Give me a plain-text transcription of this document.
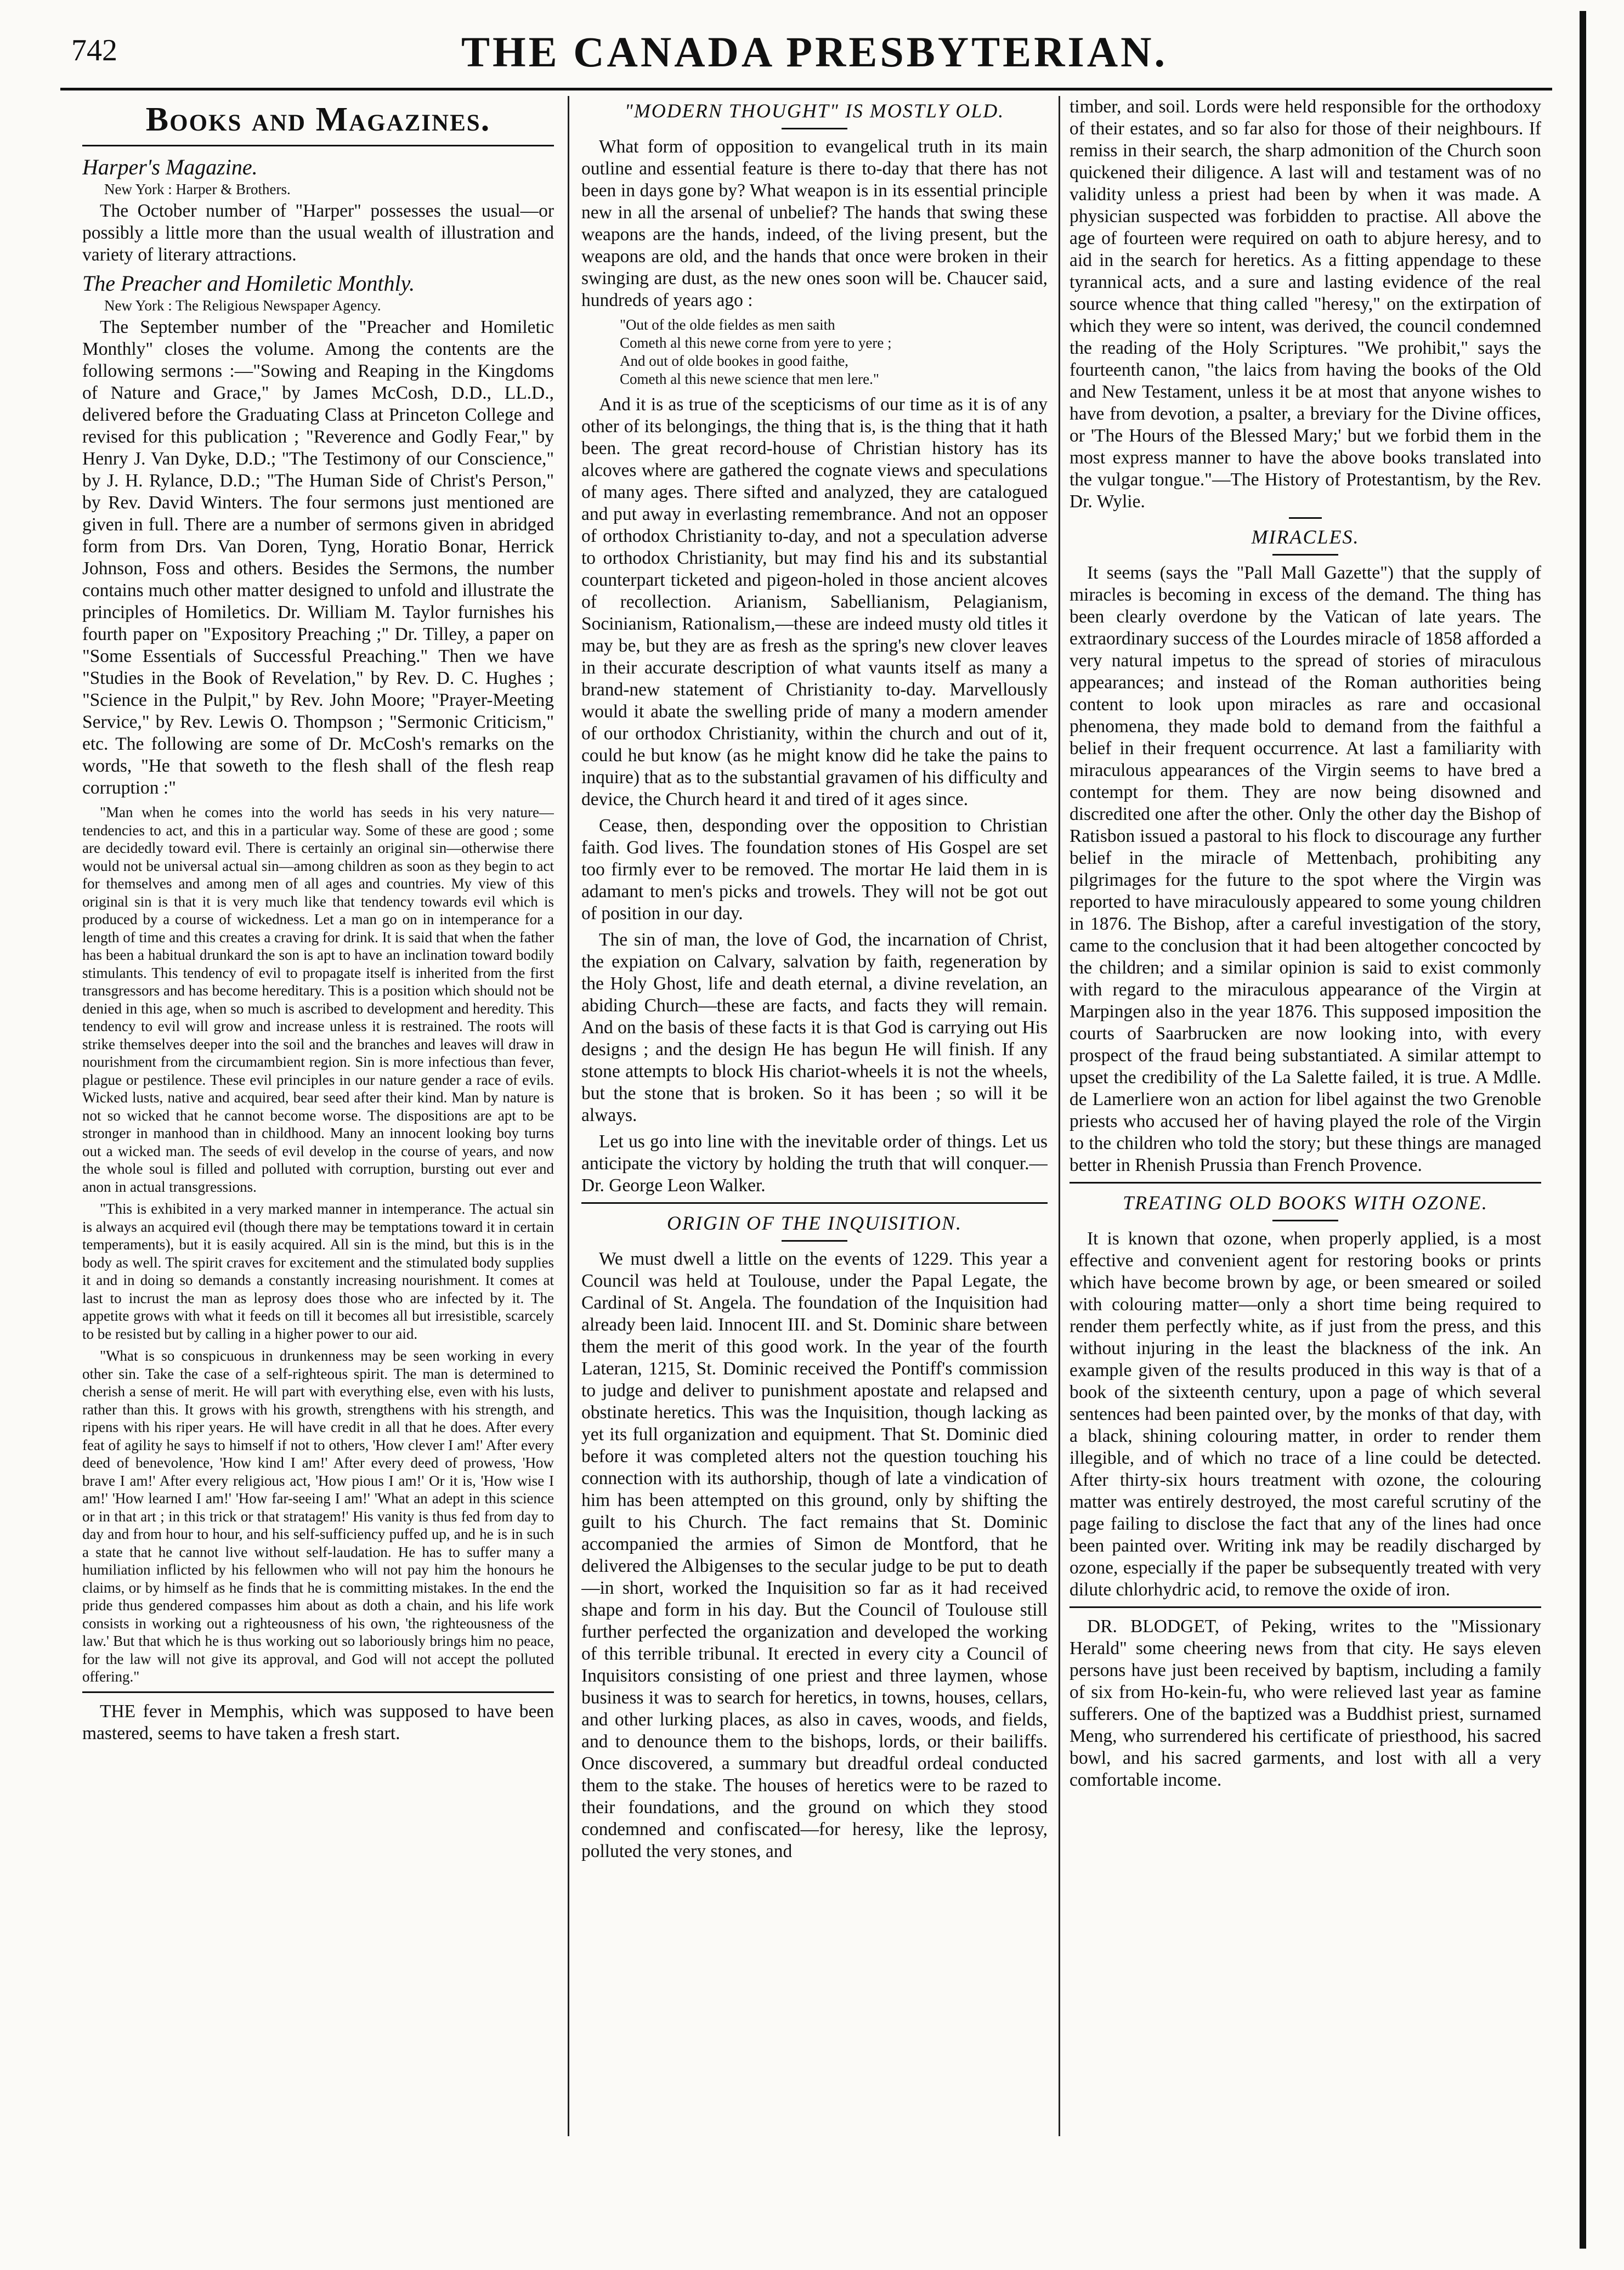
742	THE CANADA PRESBYTERIAN.
Books and Magazines.
Harper's Magazine.
New York : Harper & Brothers.

The October number of "Harper" possesses the usual—or possibly a little more than the usual wealth of illustration and variety of literary attractions.

The Preacher and Homiletic Monthly.
New York : The Religious Newspaper Agency.

The September number of the "Preacher and Homiletic Monthly" closes the volume. Among the contents are the following sermons :—"Sowing and Reaping in the Kingdoms of Nature and Grace," by James McCosh, D.D., LL.D., delivered before the Graduating Class at Princeton College and revised for this publication ; "Reverence and Godly Fear," by Henry J. Van Dyke, D.D.; "The Testimony of our Conscience," by J. H. Rylance, D.D.; "The Human Side of Christ's Person," by Rev. David Winters. The four sermons just mentioned are given in full. There are a number of sermons given in abridged form from Drs. Van Doren, Tyng, Horatio Bonar, Herrick Johnson, Foss and others. Besides the Sermons, the number contains much other matter designed to unfold and illustrate the principles of Homiletics. Dr. William M. Taylor furnishes his fourth paper on "Expository Preaching ;" Dr. Tilley, a paper on "Some Essentials of Successful Preaching." Then we have "Studies in the Book of Revelation," by Rev. D. C. Hughes ; "Science in the Pulpit," by Rev. John Moore; "Prayer-Meeting Service," by Rev. Lewis O. Thompson ; "Sermonic Criticism," etc. The following are some of Dr. McCosh's remarks on the words, "He that soweth to the flesh shall of the flesh reap corruption :"

"Man when he comes into the world has seeds in his very nature—tendencies to act, and this in a particular way. Some of these are good ; some are decidedly toward evil. There is certainly an original sin—otherwise there would not be universal actual sin—among children as soon as they begin to act for themselves and among men of all ages and countries. My view of this original sin is that it is very much like that tendency towards evil which is produced by a course of wickedness. Let a man go on in intemperance for a length of time and this creates a craving for drink. It is said that when the father has been a habitual drunkard the son is apt to have an inclination toward bodily stimulants. This tendency of evil to propagate itself is inherited from the first transgressors and has become hereditary. This is a position which should not be denied in this age, when so much is ascribed to development and heredity. This tendency to evil will grow and increase unless it is restrained. The roots will strike themselves deeper into the soil and the branches and leaves will draw in nourishment from the circumambient region. Sin is more infectious than fever, plague or pestilence. These evil principles in our nature gender a race of evils. Wicked lusts, native and acquired, bear seed after their kind. Man by nature is not so wicked that he cannot become worse. The dispositions are apt to be stronger in manhood than in childhood. Many an innocent looking boy turns out a wicked man. The seeds of evil develop in the course of years, and now the whole soul is filled and polluted with corruption, bursting out ever and anon in actual transgressions.

"This is exhibited in a very marked manner in intemperance. The actual sin is always an acquired evil (though there may be temptations toward it in certain temperaments), but it is easily acquired. All sin is the mind, but this is in the body as well. The spirit craves for excitement and the stimulated body supplies it and in doing so demands a constantly increasing nourishment. It comes at last to incrust the man as leprosy does those who are infected by it. The appetite grows with what it feeds on till it becomes all but irresistible, scarcely to be resisted but by calling in a higher power to our aid.

"What is so conspicuous in drunkenness may be seen working in every other sin. Take the case of a self-righteous spirit. The man is determined to cherish a sense of merit. He will part with everything else, even with his lusts, rather than this. It grows with his growth, strengthens with his strength, and ripens with his riper years. He will have credit in all that he does. After every feat of agility he says to himself if not to others, 'How clever I am!' After every deed of benevolence, 'How kind I am!' After every deed of prowess, 'How brave I am!' After every religious act, 'How pious I am!' Or it is, 'How wise I am!' 'How learned I am!' 'How far-seeing I am!' 'What an adept in this science or in that art ; in this trick or that stratagem!' His vanity is thus fed from day to day and from hour to hour, and his self-sufficiency puffed up, and he is in such a state that he cannot live without self-laudation. He has to suffer many a humiliation inflicted by his fellowmen who will not pay him the honours he claims, or by himself as he finds that he is committing mistakes. In the end the pride thus gendered compasses him about as doth a chain, and his life work consists in working out a righteousness of his own, 'the righteousness of the law.' But that which he is thus working out so laboriously brings him no peace, for the law will not give its approval, and God will not accept the polluted offering."

THE fever in Memphis, which was supposed to have been mastered, seems to have taken a fresh start.

"MODERN THOUGHT" IS MOSTLY OLD.

What form of opposition to evangelical truth in its main outline and essential feature is there to-day that there has not been in days gone by? What weapon is in its essential principle new in all the arsenal of unbelief? The hands that swing these weapons are the hands, indeed, of the living present, but the weapons are old, and the hands that once were broken in their swinging are dust, as the new ones soon will be. Chaucer said, hundreds of years ago :

"Out of the olde fieldes as men saith
Cometh al this newe corne from yere to yere ;
And out of olde bookes in good faithe,
Cometh al this newe science that men lere."

And it is as true of the scepticisms of our time as it is of any other of its belongings, the thing that is, is the thing that it hath been. The great record-house of Christian history has its alcoves where are gathered the cognate views and speculations of many ages. There sifted and analyzed, they are catalogued and put away in everlasting remembrance. And not an opposer of orthodox Christianity to-day, and not a speculation adverse to orthodox Christianity, but may find his and its substantial counterpart ticketed and pigeon-holed in those ancient alcoves of recollection. Arianism, Sabellianism, Pelagianism, Socinianism, Rationalism,—these are indeed musty old titles it may be, but they are as fresh as the spring's new clover leaves in their accurate description of what vaunts itself as many a brand-new statement of Christianity to-day. Marvellously would it abate the swelling pride of many a modern amender of our orthodox Christianity, within the church and out of it, could he but know (as he might know did he take the pains to inquire) that as to the substantial gravamen of his difficulty and device, the Church heard it and tired of it ages since.

Cease, then, desponding over the opposition to Christian faith. God lives. The foundation stones of His Gospel are set too firmly ever to be removed. The mortar He laid them in is adamant to men's picks and trowels. They will not be got out of position in our day.

The sin of man, the love of God, the incarnation of Christ, the expiation on Calvary, salvation by faith, regeneration by the Holy Ghost, life and death eternal, a divine revelation, an abiding Church—these are facts, and facts they will remain. And on the basis of these facts it is that God is carrying out His designs ; and the design He has begun He will finish. If any stone attempts to block His chariot-wheels it is not the wheels, but the stone that is broken. So it has been ; so will it be always.

Let us go into line with the inevitable order of things. Let us anticipate the victory by holding the truth that will conquer.—Dr. George Leon Walker.

ORIGIN OF THE INQUISITION.

We must dwell a little on the events of 1229. This year a Council was held at Toulouse, under the Papal Legate, the Cardinal of St. Angela. The foundation of the Inquisition had already been laid. Innocent III. and St. Dominic share between them the merit of this good work. In the year of the fourth Lateran, 1215, St. Dominic received the Pontiff's commission to judge and deliver to punishment apostate and relapsed and obstinate heretics. This was the Inquisition, though lacking as yet its full organization and equipment. That St. Dominic died before it was completed alters not the question touching his connection with its authorship, though of late a vindication of him has been attempted on this ground, only by shifting the guilt to his Church. The fact remains that St. Dominic accompanied the armies of Simon de Montford, that he delivered the Albigenses to the secular judge to be put to death—in short, worked the Inquisition so far as it had received shape and form in his day. But the Council of Toulouse still further perfected the organization and developed the working of this terrible tribunal. It erected in every city a Council of Inquisitors consisting of one priest and three laymen, whose business it was to search for heretics, in towns, houses, cellars, and other lurking places, as also in caves, woods, and fields, and to denounce them to the bishops, lords, or their bailiffs. Once discovered, a summary but dreadful ordeal conducted them to the stake. The houses of heretics were to be razed to their foundations, and the ground on which they stood condemned and confiscated—for heresy, like the leprosy, polluted the very stones, and

timber, and soil. Lords were held responsible for the orthodoxy of their estates, and so far also for those of their neighbours. If remiss in their search, the sharp admonition of the Church soon quickened their diligence. A last will and testament was of no validity unless a priest had been by when it was made. A physician suspected was forbidden to practise. All above the age of fourteen were required on oath to abjure heresy, and to aid in the search for heretics. As a fitting appendage to these tyrannical acts, and a sure and lasting evidence of the real source whence that thing called "heresy," on the extirpation of which they were so intent, was derived, the council condemned the reading of the Holy Scriptures. "We prohibit," says the fourteenth canon, "the laics from having the books of the Old and New Testament, unless it be at most that anyone wishes to have from devotion, a psalter, a breviary for the Divine offices, or 'The Hours of the Blessed Mary;' but we forbid them in the most express manner to have the above books translated into the vulgar tongue."—The History of Protestantism, by the Rev. Dr. Wylie.

MIRACLES.

It seems (says the "Pall Mall Gazette") that the supply of miracles is becoming in excess of the demand. The thing has been clearly overdone by the Vatican of late years. The extraordinary success of the Lourdes miracle of 1858 afforded a very natural impetus to the spread of stories of miraculous appearances; and instead of the Roman authorities being content to look upon miracles as rare and occasional phenomena, they made bold to demand from the faithful a belief in their frequent occurrence. At last a familiarity with miraculous appearances of the Virgin seems to have bred a contempt for them. They are now being disowned and discredited one after the other. Only the other day the Bishop of Ratisbon issued a pastoral to his flock to discourage any further belief in the miracle of Mettenbach, prohibiting any pilgrimages for the future to the spot where the Virgin was reported to have miraculously appeared to some young children in 1876. The Bishop, after a careful investigation of the story, came to the conclusion that it had been altogether concocted by the children; and a similar opinion is said to exist commonly with regard to the miraculous appearance of the Virgin at Marpingen also in the year 1876. This supposed imposition the courts of Saarbrucken are now looking into, with every prospect of the fraud being substantiated. A similar attempt to upset the credibility of the La Salette failed, it is true. A Mdlle. de Lamerliere won an action for libel against the two Grenoble priests who accused her of having played the role of the Virgin to the children who told the story; but these things are managed better in Rhenish Prussia than French Provence.

TREATING OLD BOOKS WITH OZONE.

It is known that ozone, when properly applied, is a most effective and convenient agent for restoring books or prints which have become brown by age, or been smeared or soiled with colouring matter—only a short time being required to render them perfectly white, as if just from the press, and this without injuring in the least the blackness of the ink. An example given of the results produced in this way is that of a book of the sixteenth century, upon a page of which several sentences had been painted over, by the monks of that day, with a black, shining colouring matter, in order to render them illegible, and of which no trace of a line could be detected. After thirty-six hours treatment with ozone, the colouring matter was entirely destroyed, the most careful scrutiny of the page failing to disclose the fact that any of the lines had once been painted over. Writing ink may be readily discharged by ozone, especially if the paper be subsequently treated with very dilute chlorhydric acid, to remove the oxide of iron.

DR. BLODGET, of Peking, writes to the "Missionary Herald" some cheering news from that city. He says eleven persons have just been received by baptism, including a family of six from Ho-kein-fu, who were relieved last year as famine sufferers. One of the baptized was a Buddhist priest, surnamed Meng, who surrendered his certificate of priesthood, his sacred bowl, and his sacred garments, and lost with all a very comfortable income.
